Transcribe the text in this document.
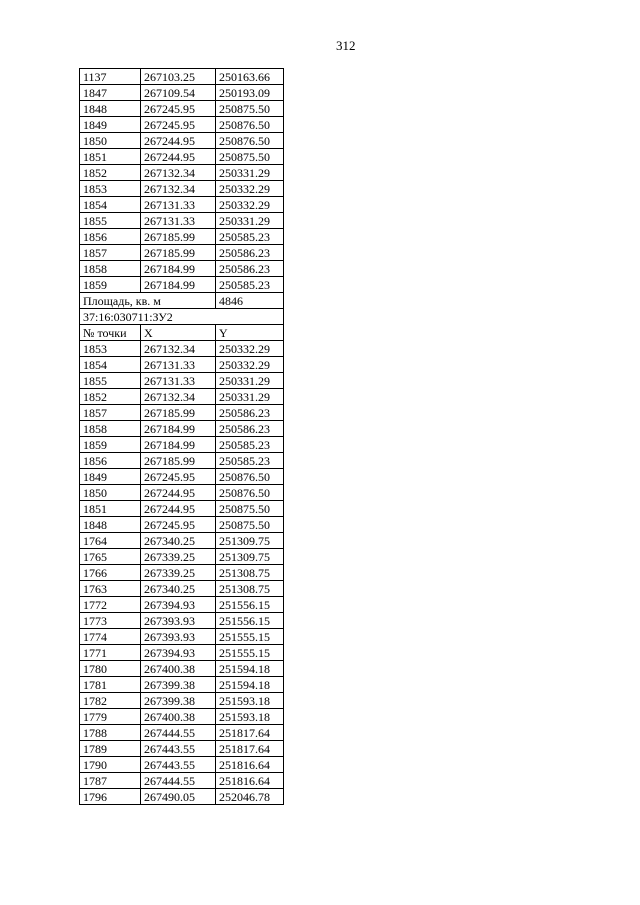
312
1137	267103.25	250163.66
1847	267109.54	250193.09
1848	267245.95	250875.50
1849	267245.95	250876.50
1850	267244.95	250876.50
1851	267244.95	250875.50
1852	267132.34	250331.29
1853	267132.34	250332.29
1854	267131.33	250332.29
1855	267131.33	250331.29
1856	267185.99	250585.23
1857	267185.99	250586.23
1858	267184.99	250586.23
1859	267184.99	250585.23
Площадь, кв. м		4846
37:16:030711:ЗУ2		
№ точки	X	Y
1853	267132.34	250332.29
1854	267131.33	250332.29
1855	267131.33	250331.29
1852	267132.34	250331.29
1857	267185.99	250586.23
1858	267184.99	250586.23
1859	267184.99	250585.23
1856	267185.99	250585.23
1849	267245.95	250876.50
1850	267244.95	250876.50
1851	267244.95	250875.50
1848	267245.95	250875.50
1764	267340.25	251309.75
1765	267339.25	251309.75
1766	267339.25	251308.75
1763	267340.25	251308.75
1772	267394.93	251556.15
1773	267393.93	251556.15
1774	267393.93	251555.15
1771	267394.93	251555.15
1780	267400.38	251594.18
1781	267399.38	251594.18
1782	267399.38	251593.18
1779	267400.38	251593.18
1788	267444.55	251817.64
1789	267443.55	251817.64
1790	267443.55	251816.64
1787	267444.55	251816.64
1796	267490.05	252046.78
